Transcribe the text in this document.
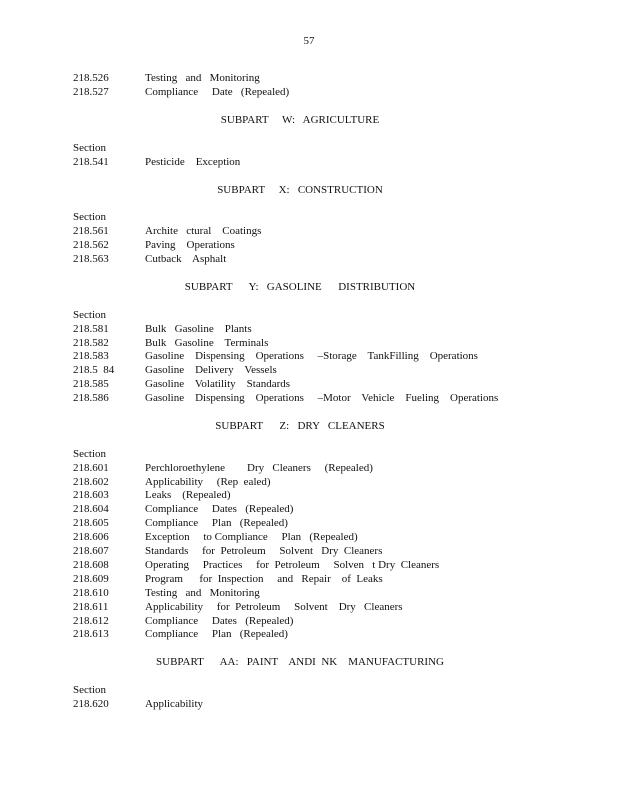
57
218.526	Testing   and   Monitoring
218.527	Compliance     Date   (Repealed)
SUBPART     W:   AGRICULTURE
Section
218.541	Pesticide    Exception
SUBPART     X:   CONSTRUCTION
Section
218.561	Archite   ctural    Coatings
218.562	Paving    Operations
218.563	Cutback    Asphalt
SUBPART      Y:   GASOLINE      DISTRIBUTION
Section
218.581	Bulk   Gasoline    Plants
218.582	Bulk   Gasoline    Terminals
218.583	Gasoline    Dispensing    Operations     –Storage    TankFilling    Operations
218.5  84	Gasoline    Delivery    Vessels
218.585	Gasoline    Volatility    Standards
218.586	Gasoline    Dispensing    Operations     –Motor    Vehicle    Fueling    Operations
SUBPART      Z:   DRY   CLEANERS
Section
218.601	Perchloroethylene        Dry   Cleaners     (Repealed)
218.602	Applicability     (Rep  ealed)
218.603	Leaks    (Repealed)
218.604	Compliance     Dates   (Repealed)
218.605	Compliance     Plan   (Repealed)
218.606	Exception     to Compliance     Plan   (Repealed)
218.607	Standards     for  Petroleum     Solvent   Dry  Cleaners
218.608	Operating     Practices     for  Petroleum     Solven   t Dry  Cleaners
218.609	Program      for  Inspection     and   Repair    of  Leaks
218.610	Testing   and   Monitoring
218.611	Applicability     for  Petroleum     Solvent    Dry   Cleaners
218.612	Compliance     Dates   (Repealed)
218.613	Compliance     Plan   (Repealed)
SUBPART      AA:   PAINT    ANDI  NK    MANUFACTURING
Section
218.620	Applicability
